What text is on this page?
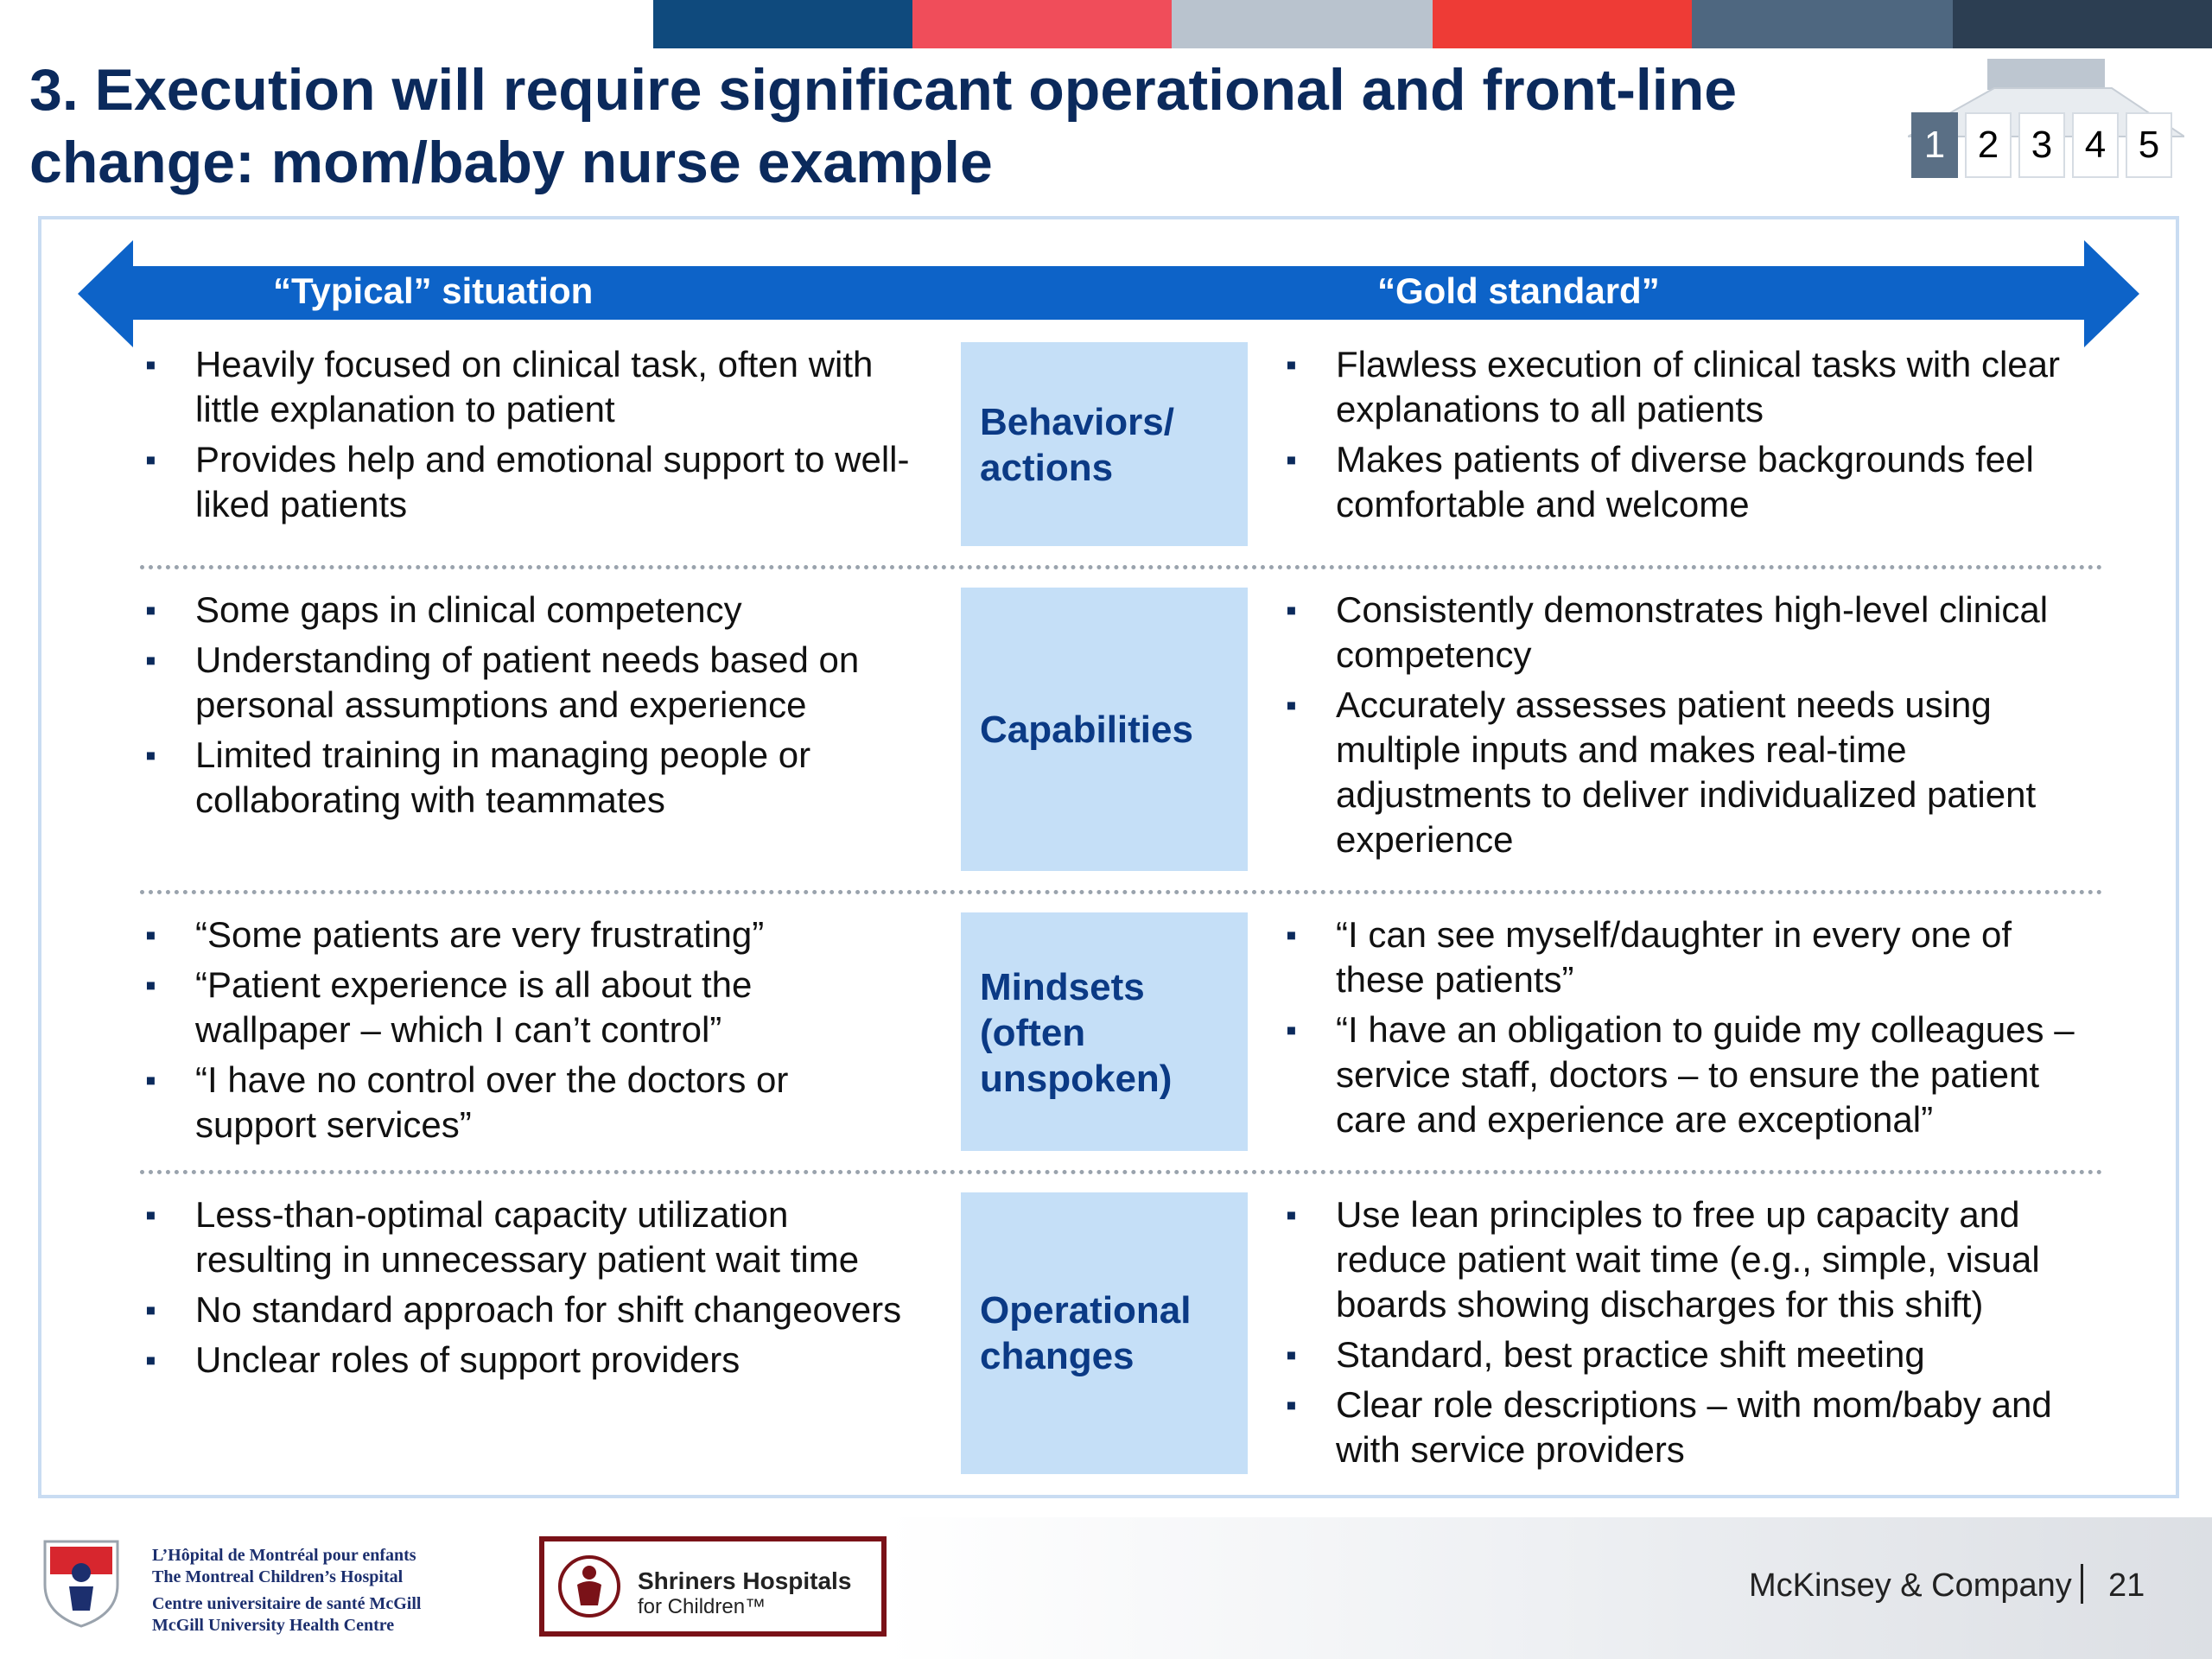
3. Execution will require significant operational and front-line
change: mom/baby nurse example	1 2 3 4 5
“Typical” situation	“Gold standard”
▪ Heavily focused on clinical task, often with
little explanation to patient
▪ Provides help and emotional support to well-
liked patients
Behaviors/
actions
▪ Flawless execution of clinical tasks with clear
explanations to all patients
▪ Makes patients of diverse backgrounds feel
comfortable and welcome
▪ Some gaps in clinical competency
▪ Understanding of patient needs based on
personal assumptions and experience
▪ Limited training in managing people or
collaborating with teammates
Capabilities
▪ Consistently demonstrates high-level clinical
competency
▪ Accurately assesses patient needs using
multiple inputs and makes real-time
adjustments to deliver individualized patient
experience
▪ “Some patients are very frustrating”
▪ “Patient experience is all about the
wallpaper – which I can’t control”
▪ “I have no control over the doctors or
support services”
Mindsets
(often
unspoken)
▪ “I can see myself/daughter in every one of
these patients”
▪ “I have an obligation to guide my colleagues –
service staff, doctors – to ensure the patient
care and experience are exceptional”
▪ Less-than-optimal capacity utilization
resulting in unnecessary patient wait time
▪ No standard approach for shift changeovers
▪ Unclear roles of support providers
Operational
changes
▪ Use lean principles to free up capacity and
reduce patient wait time (e.g., simple, visual
boards showing discharges for this shift)
▪ Standard, best practice shift meeting
▪ Clear role descriptions – with mom/baby and
with service providers
L’Hôpital de Montréal pour enfants
The Montreal Children’s Hospital
Centre universitaire de santé McGill
McGill University Health Centre
Shriners Hospitals
for Children™
McKinsey & Company 21
